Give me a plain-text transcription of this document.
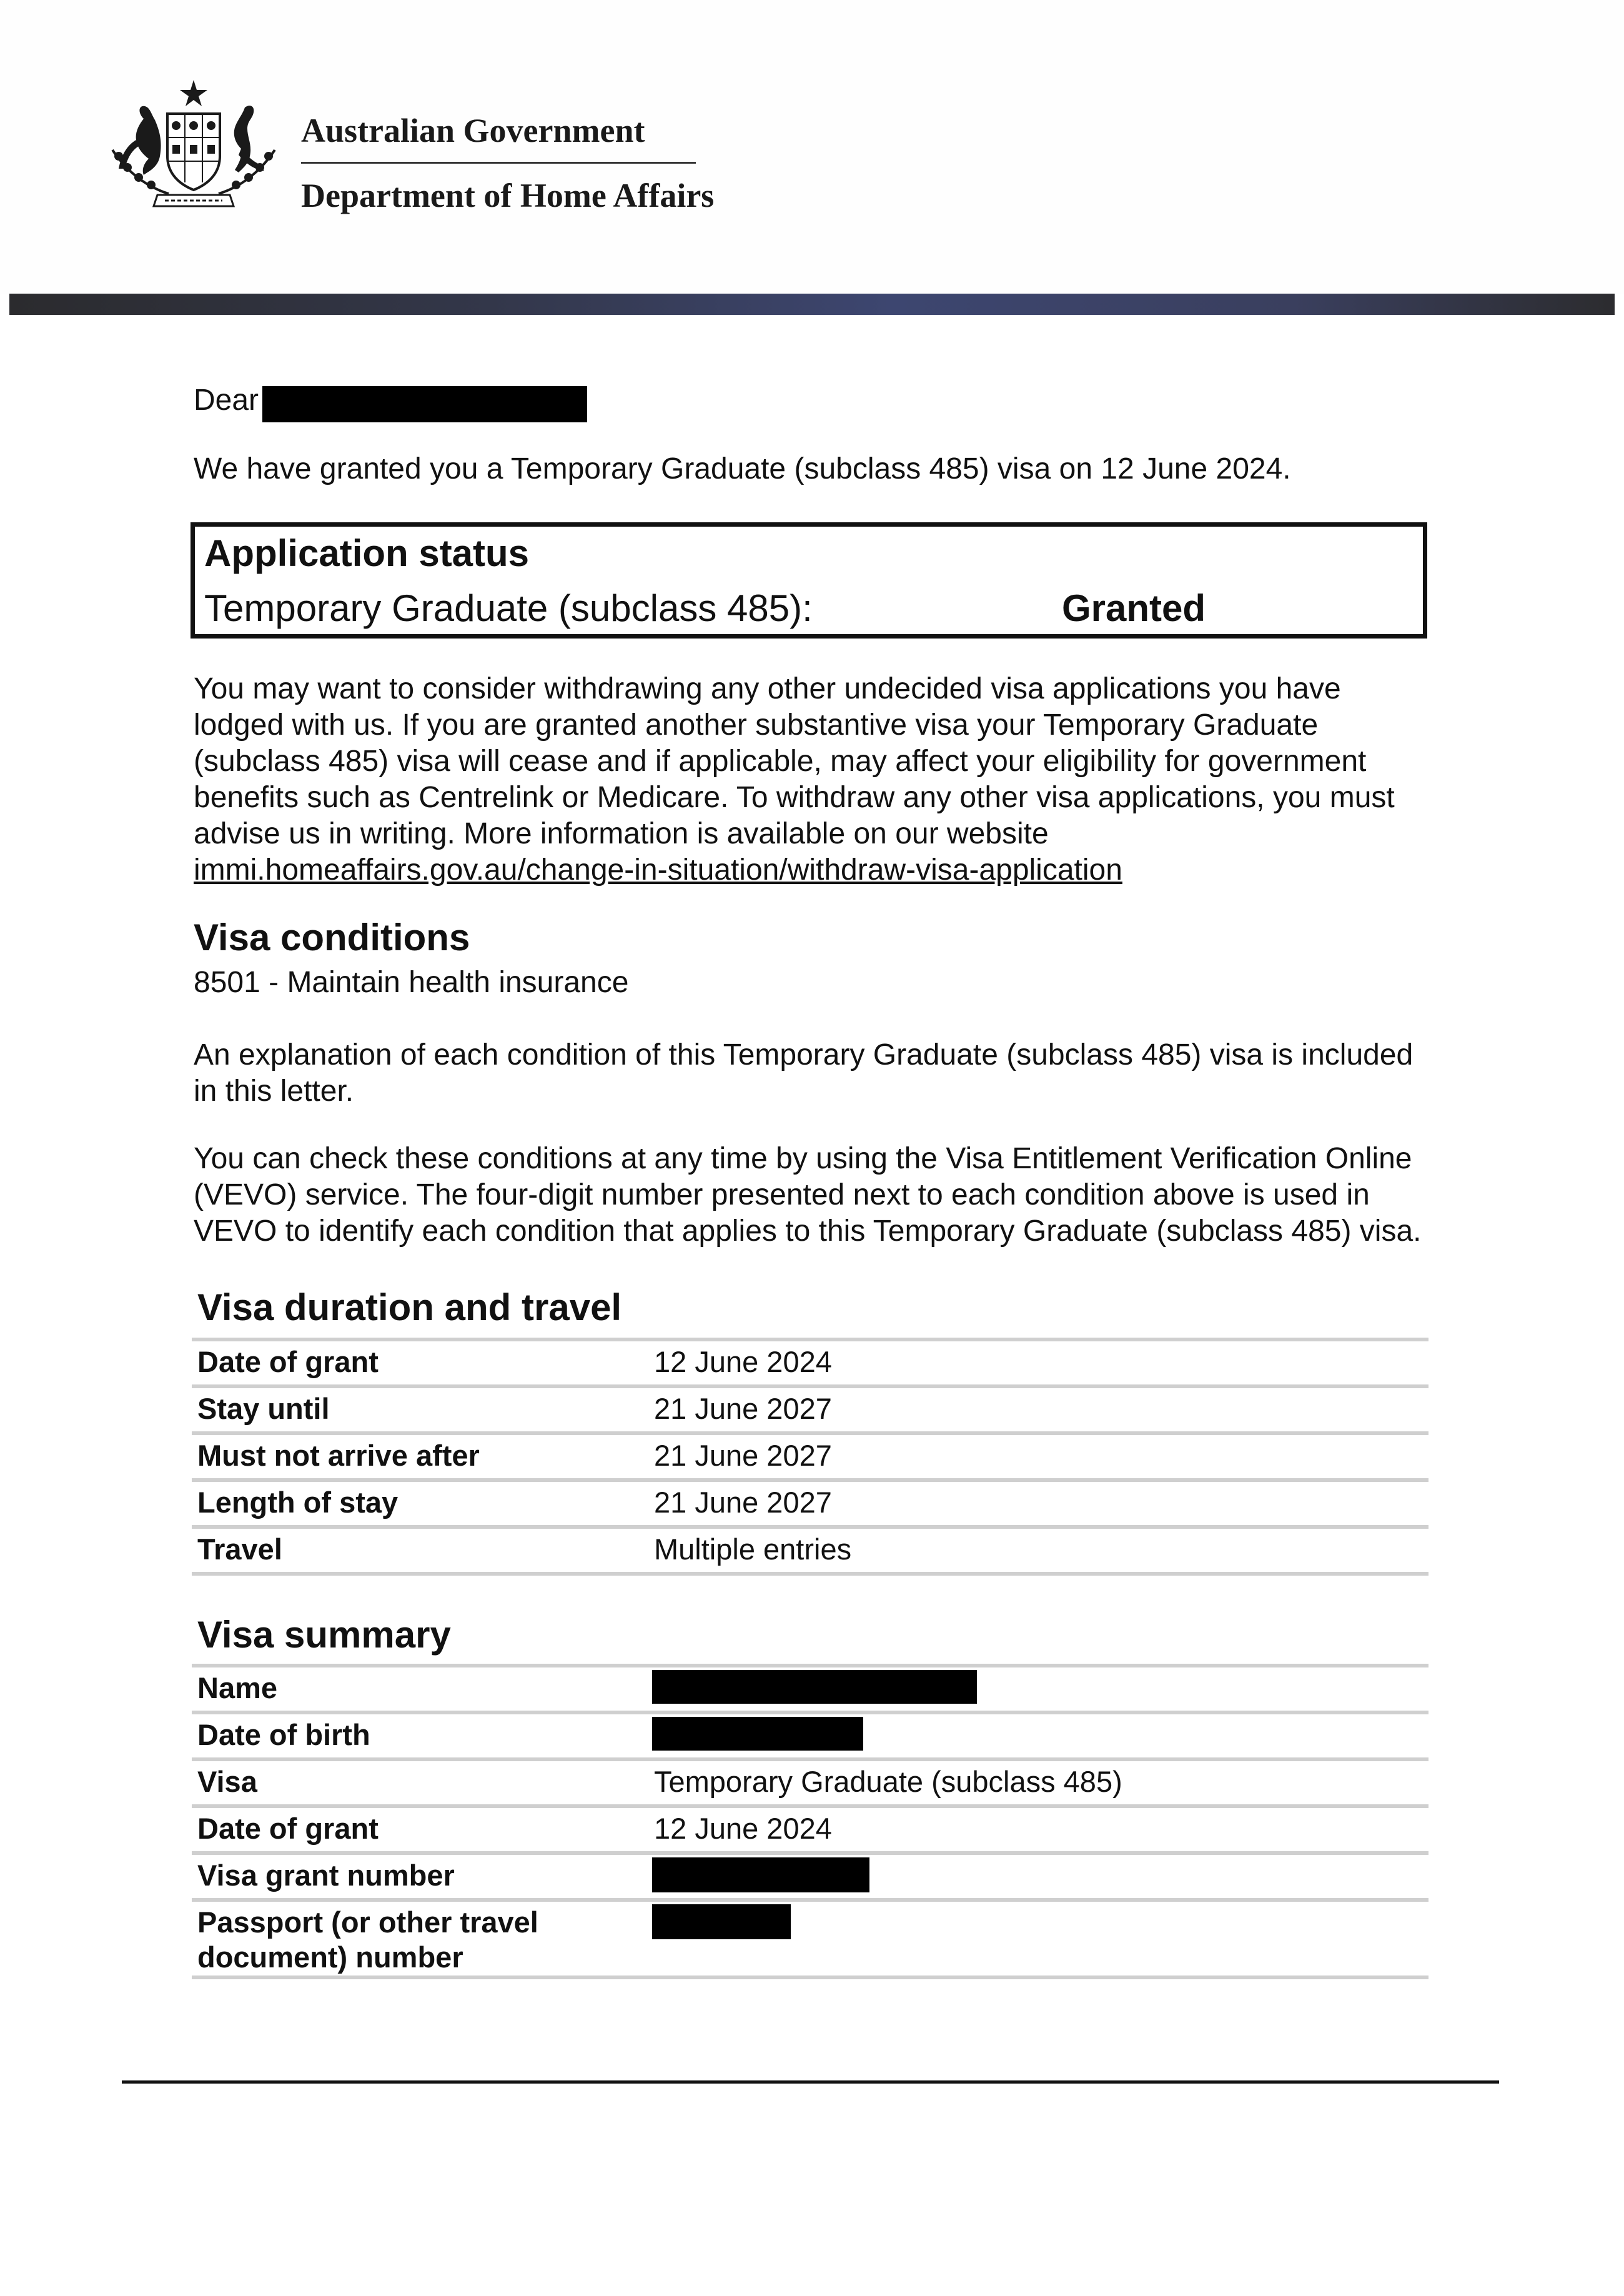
Australian Government
Department of Home Affairs
Dear
We have granted you a Temporary Graduate (subclass 485) visa on 12 June 2024.
Application status
Temporary Graduate (subclass 485):	Granted
You may want to consider withdrawing any other undecided visa applications you have lodged with us. If you are granted another substantive visa your Temporary Graduate (subclass 485) visa will cease and if applicable, may affect your eligibility for government benefits such as Centrelink or Medicare. To withdraw any other visa applications, you must advise us in writing. More information is available on our website immi.homeaffairs.gov.au/change-in-situation/withdraw-visa-application
Visa conditions
8501 - Maintain health insurance
An explanation of each condition of this Temporary Graduate (subclass 485) visa is included in this letter.
You can check these conditions at any time by using the Visa Entitlement Verification Online (VEVO) service. The four-digit number presented next to each condition above is used in VEVO to identify each condition that applies to this Temporary Graduate (subclass 485) visa.
Visa duration and travel
Date of grant	12 June 2024
Stay until	21 June 2027
Must not arrive after	21 June 2027
Length of stay	21 June 2027
Travel	Multiple entries
Visa summary
Name
Date of birth
Visa	Temporary Graduate (subclass 485)
Date of grant	12 June 2024
Visa grant number
Passport (or other travel document) number
